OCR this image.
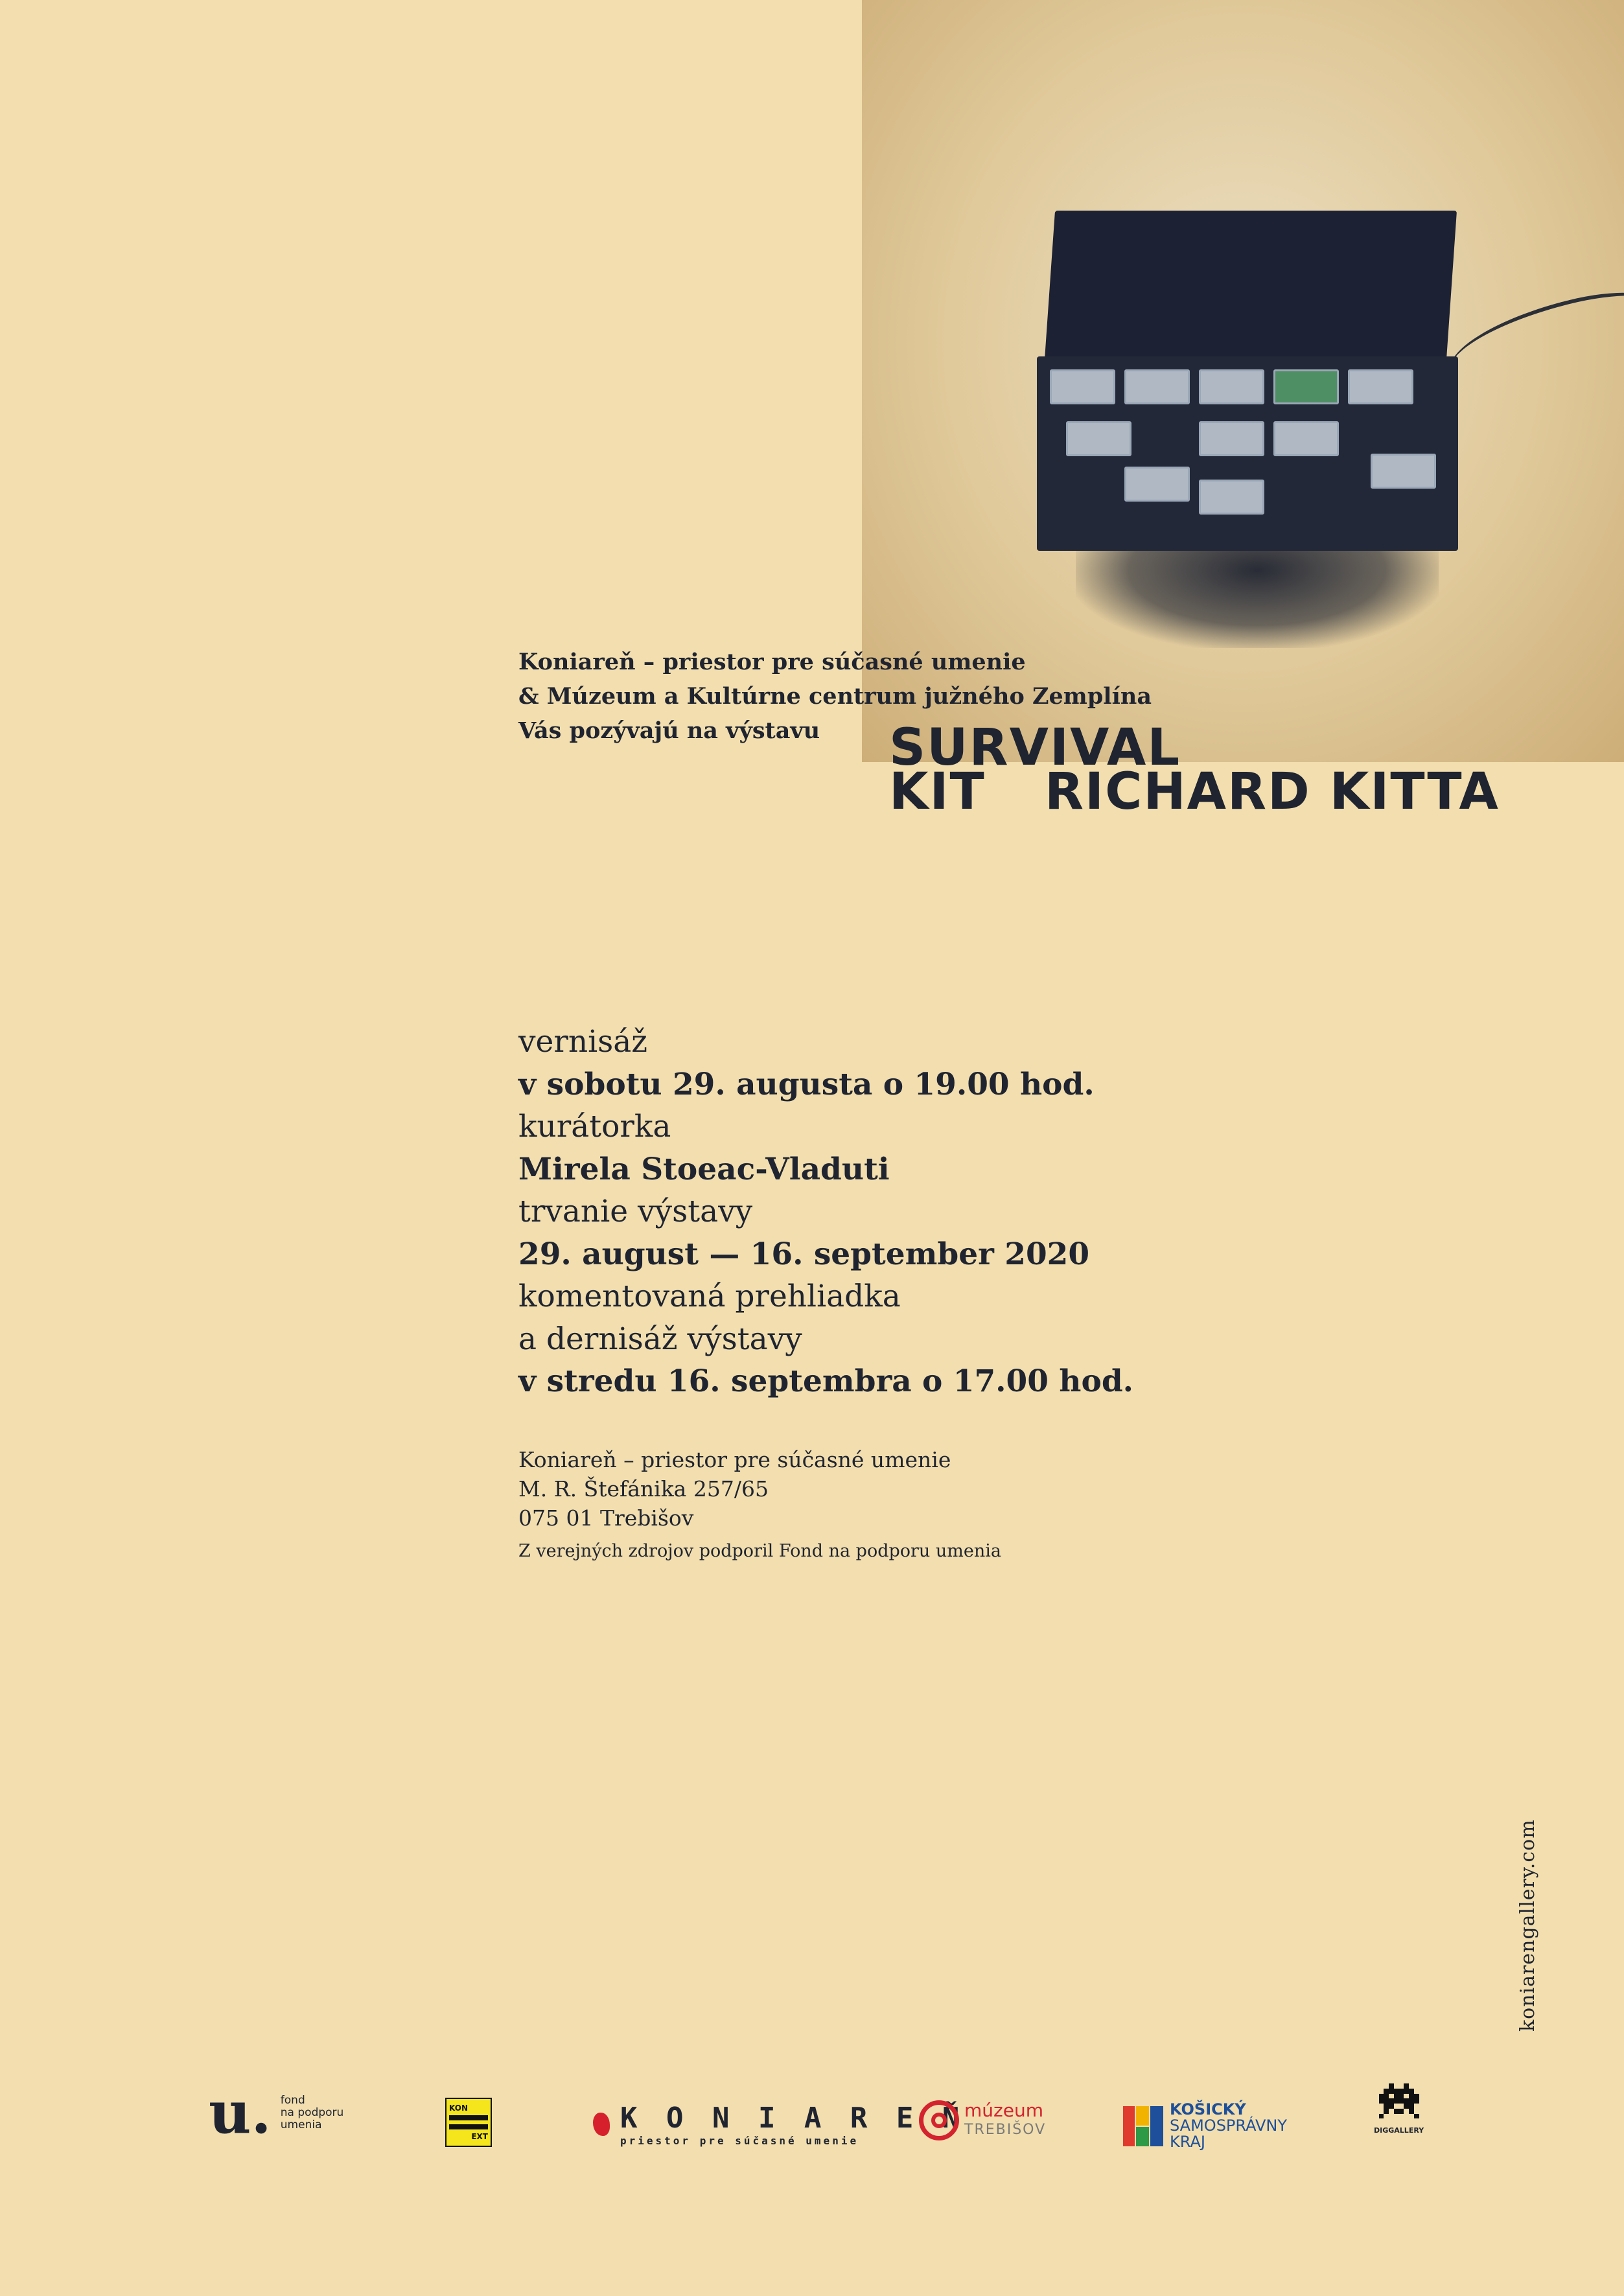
Koniareň – priestor pre súčasné umenie
& Múzeum a Kultúrne centrum južného Zemplína
Vás pozývajú na výstavu	SURVIVAL
KIT RICHARD KITTA
vernisáž
v sobotu 29. augusta o 19.00 hod.
kurátorka
Mirela Stoeac-Vladuti
trvanie výstavy
29. august — 16. september 2020
komentovaná prehliadka
a dernisáž výstavy
v stredu 16. septembra o 17.00 hod.
Koniareň – priestor pre súčasné umenie
M. R. Štefánika 257/65
075 01 Trebišov
Z verejných zdrojov podporil Fond na podporu umenia
koniarengallery.com
u. fond
na podporu
umenia
KON
EXT
K O N I A R E Ň
priestor pre súčasné umenie
múzeum
TREBIŠOV
KOŠICKÝ
SAMOSPRÁVNY
KRAJ
DIGGALLERY
